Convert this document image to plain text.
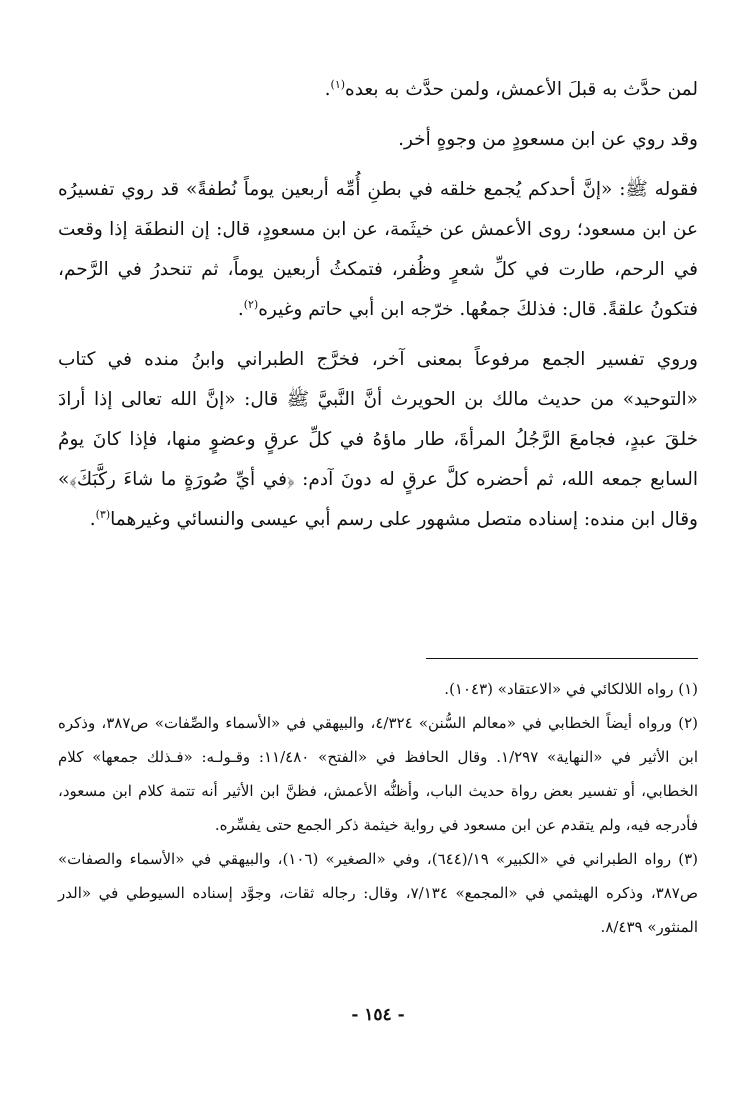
لمن حدَّث به قبلَ الأعمش، ولمن حدَّث به بعده$^{(١)}$.

وقد روي عن ابن مسعودٍ من وجوهٍ أخر.

فقوله ﷺ: «إنَّ أحدكم يُجمع خلقه في بطنِ أُمِّه أربعين يوماً نُطفةً» قد روي تفسيرُه عن ابن مسعود؛ روى الأعمش عن خيثَمة، عن ابن مسعودٍ، قال: إن النطفَة إذا وقعت في الرحم، طارت في كلِّ شعرٍ وظُفر، فتمكثُ أربعين يوماً، ثم تنحدرُ في الرَّحم، فتكونُ علقةً. قال: فذلكَ جمعُها. خرّجه ابن أبي حاتم وغيره$^{(٢)}$.

وروي تفسير الجمع مرفوعاً بمعنى آخر، فخرَّج الطبراني وابنُ منده في كتاب «التوحيد» من حديث مالك بن الحويرث أنَّ النَّبيَّ ﷺ قال: «إنَّ الله تعالى إذا أرادَ خلقَ عبدٍ، فجامعَ الرَّجُلُ المرأةَ، طار ماؤهُ في كلِّ عرقٍ وعضوٍ منها، فإذا كانَ يومُ السابع جمعه الله، ثم أحضره كلَّ عرقٍ له دونَ آدم: ﴿في أيِّ صُورَةٍ ما شاءَ ركَّبَكَ﴾» وقال ابن منده: إسناده متصل مشهور على رسم أبي عيسى والنسائي وغيرهما$^{(٣)}$.

(١) رواه اللالكائي في «الاعتقاد» (١٠٤٣).

(٢) ورواه أيضاً الخطابي في «معالم السُّنن» ٤/٣٢٤، والبيهقي في «الأسماء والصِّفات» ص٣٨٧، وذكره ابن الأثير في «النهاية» ١/٢٩٧. وقال الحافظ في «الفتح» ١١/٤٨٠: وقـولـه: «فـذلك جمعها» كلام الخطابي، أو تفسير بعض رواة حديث الباب، وأظنُّه الأعمش، فظنَّ ابن الأثير أنه تتمة كلام ابن مسعود، فأدرجه فيه، ولم يتقدم عن ابن مسعود في رواية خيثمة ذكر الجمع حتى يفسِّره.

(٣) رواه الطبراني في «الكبير» ١٩/(٦٤٤)، وفي «الصغير» (١٠٦)، والبيهقي في «الأسماء والصفات» ص٣٨٧، وذكره الهيثمي في «المجمع» ٧/١٣٤، وقال: رجاله ثقات، وجوَّد إسناده السيوطي في «الدر المنثور» ٨/٤٣٩.

- ١٥٤ -
